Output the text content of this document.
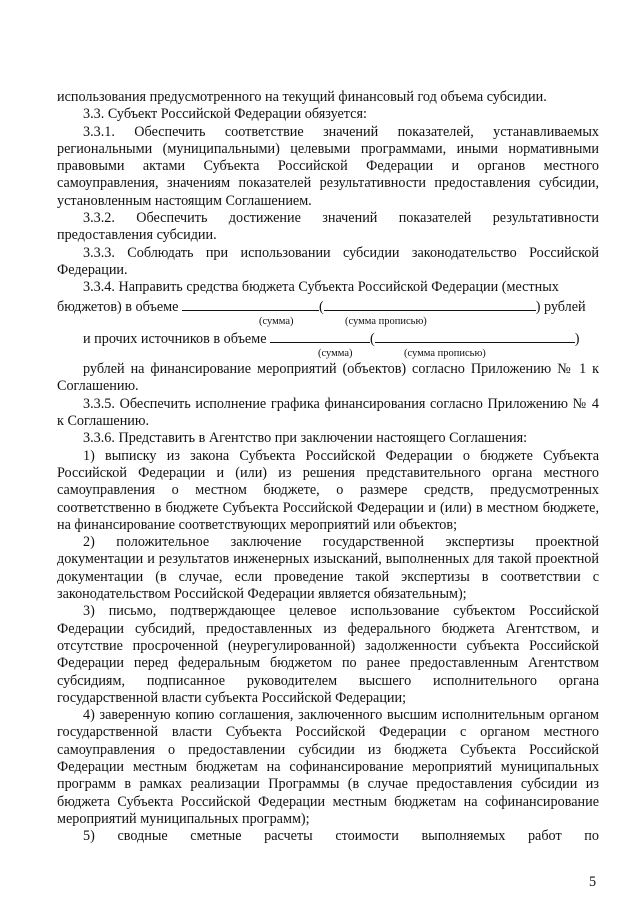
использования предусмотренного на текущий финансовый год объема субсидии.

3.3. Субъект Российской Федерации обязуется:

3.3.1. Обеспечить соответствие значений показателей, устанавливаемых региональными (муниципальными) целевыми программами, иными нормативными правовыми актами Субъекта Российской Федерации и органов местного самоуправления, значениям показателей результативности предоставления субсидии, установленным настоящим Соглашением.

3.3.2. Обеспечить достижение значений показателей результативности предоставления субсидии.

3.3.3. Соблюдать при использовании субсидии законодательство Российской Федерации.

3.3.4. Направить средства бюджета Субъекта Российской Федерации (местных

бюджетов) в объеме	(	) рублей
(сумма)	(сумма прописью)
и прочих источников в объеме	(	)
(сумма)	(сумма прописью)

рублей на финансирование мероприятий (объектов) согласно Приложению № 1 к Соглашению.

3.3.5. Обеспечить исполнение графика финансирования согласно Приложению № 4 к Соглашению.

3.3.6. Представить в Агентство при заключении настоящего Соглашения:

1) выписку из закона Субъекта Российской Федерации о бюджете Субъекта Российской Федерации и (или) из решения представительного органа местного самоуправления о местном бюджете, о размере средств, предусмотренных соответственно в бюджете Субъекта Российской Федерации и (или) в местном бюджете, на финансирование соответствующих мероприятий или объектов;

2) положительное заключение государственной экспертизы проектной документации и результатов инженерных изысканий, выполненных для такой проектной документации (в случае, если проведение такой экспертизы в соответствии с законодательством Российской Федерации является обязательным);

3) письмо, подтверждающее целевое использование субъектом Российской Федерации субсидий, предоставленных из федерального бюджета Агентством, и отсутствие просроченной (неурегулированной) задолженности субъекта Российской Федерации перед федеральным бюджетом по ранее предоставленным Агентством субсидиям, подписанное руководителем высшего исполнительного органа государственной власти субъекта Российской Федерации;

4) заверенную копию соглашения, заключенного высшим исполнительным органом государственной власти Субъекта Российской Федерации с органом местного самоуправления о предоставлении субсидии из бюджета Субъекта Российской Федерации местным бюджетам на софинансирование мероприятий муниципальных программ в рамках реализации Программы (в случае предоставления субсидии из бюджета Субъекта Российской Федерации местным бюджетам на софинансирование мероприятий муниципальных программ);

5) сводные сметные расчеты стоимости выполняемых работ по

5
